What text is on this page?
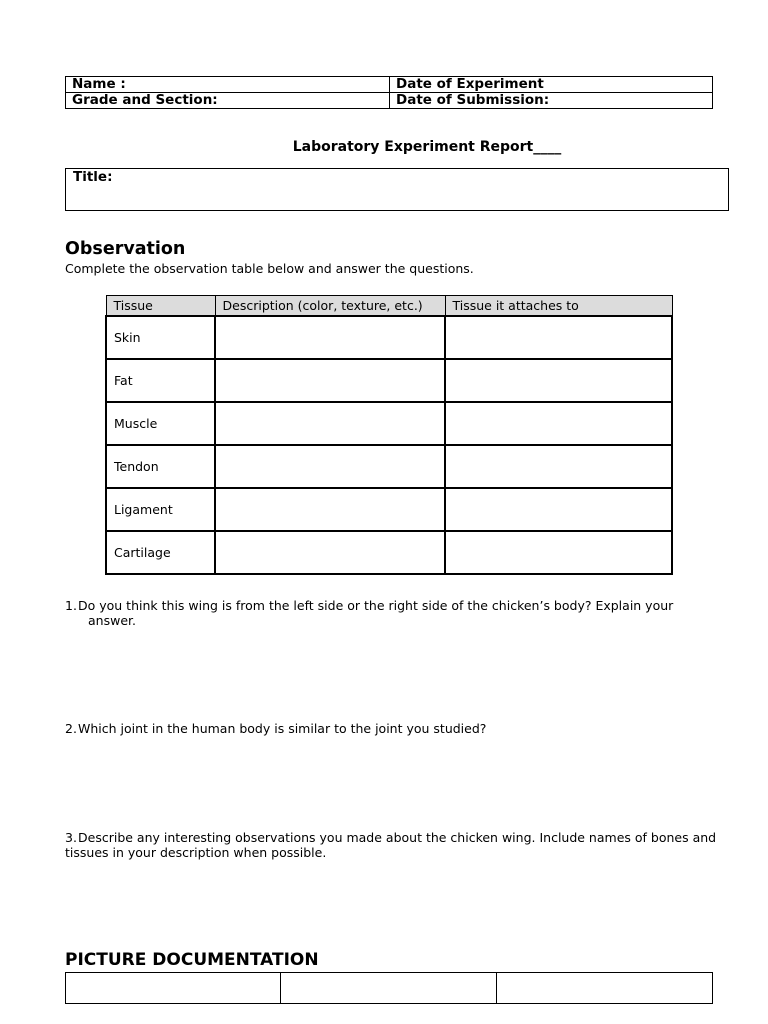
Name :	Date of Experiment
Grade and Section:	Date of Submission:
Laboratory Experiment Report____
Title:
Observation
Complete the observation table below and answer the questions.
Tissue	Description (color, texture, etc.)	Tissue it attaches to
Skin		
Fat		
Muscle		
Tendon		
Ligament		
Cartilage		
1.Do you think this wing is from the left side or the right side of the chicken’s body? Explain your
answer.
2.Which joint in the human body is similar to the joint you studied?
3.Describe any interesting observations you made about the chicken wing. Include names of bones and tissues in your description when possible.
PICTURE DOCUMENTATION
